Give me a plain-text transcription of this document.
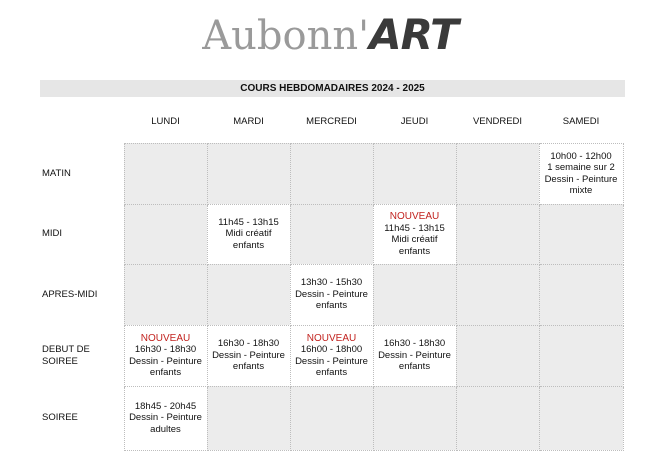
Aubonn'ART
COURS HEBDOMADAIRES 2024 - 2025
	LUNDI	MARDI	MERCREDI	JEUDI	VENDREDI	SAMEDI

MATIN						10h00 - 12h00
1 semaine sur 2
Dessin - Peinture
mixte

MIDI		11h45 - 13h15
Midi créatif
enfants		NOUVEAU
11h45 - 13h15
Midi créatif
enfants		

APRES-MIDI			13h30 - 15h30
Dessin - Peinture
enfants			

DEBUT DE
SOIREE	NOUVEAU
16h30 - 18h30
Dessin - Peinture
enfants	16h30 - 18h30
Dessin - Peinture
enfants	NOUVEAU
16h00 - 18h00
Dessin - Peinture
enfants	16h30 - 18h30
Dessin - Peinture
enfants		

SOIREE	18h45 - 20h45
Dessin - Peinture
adultes					
